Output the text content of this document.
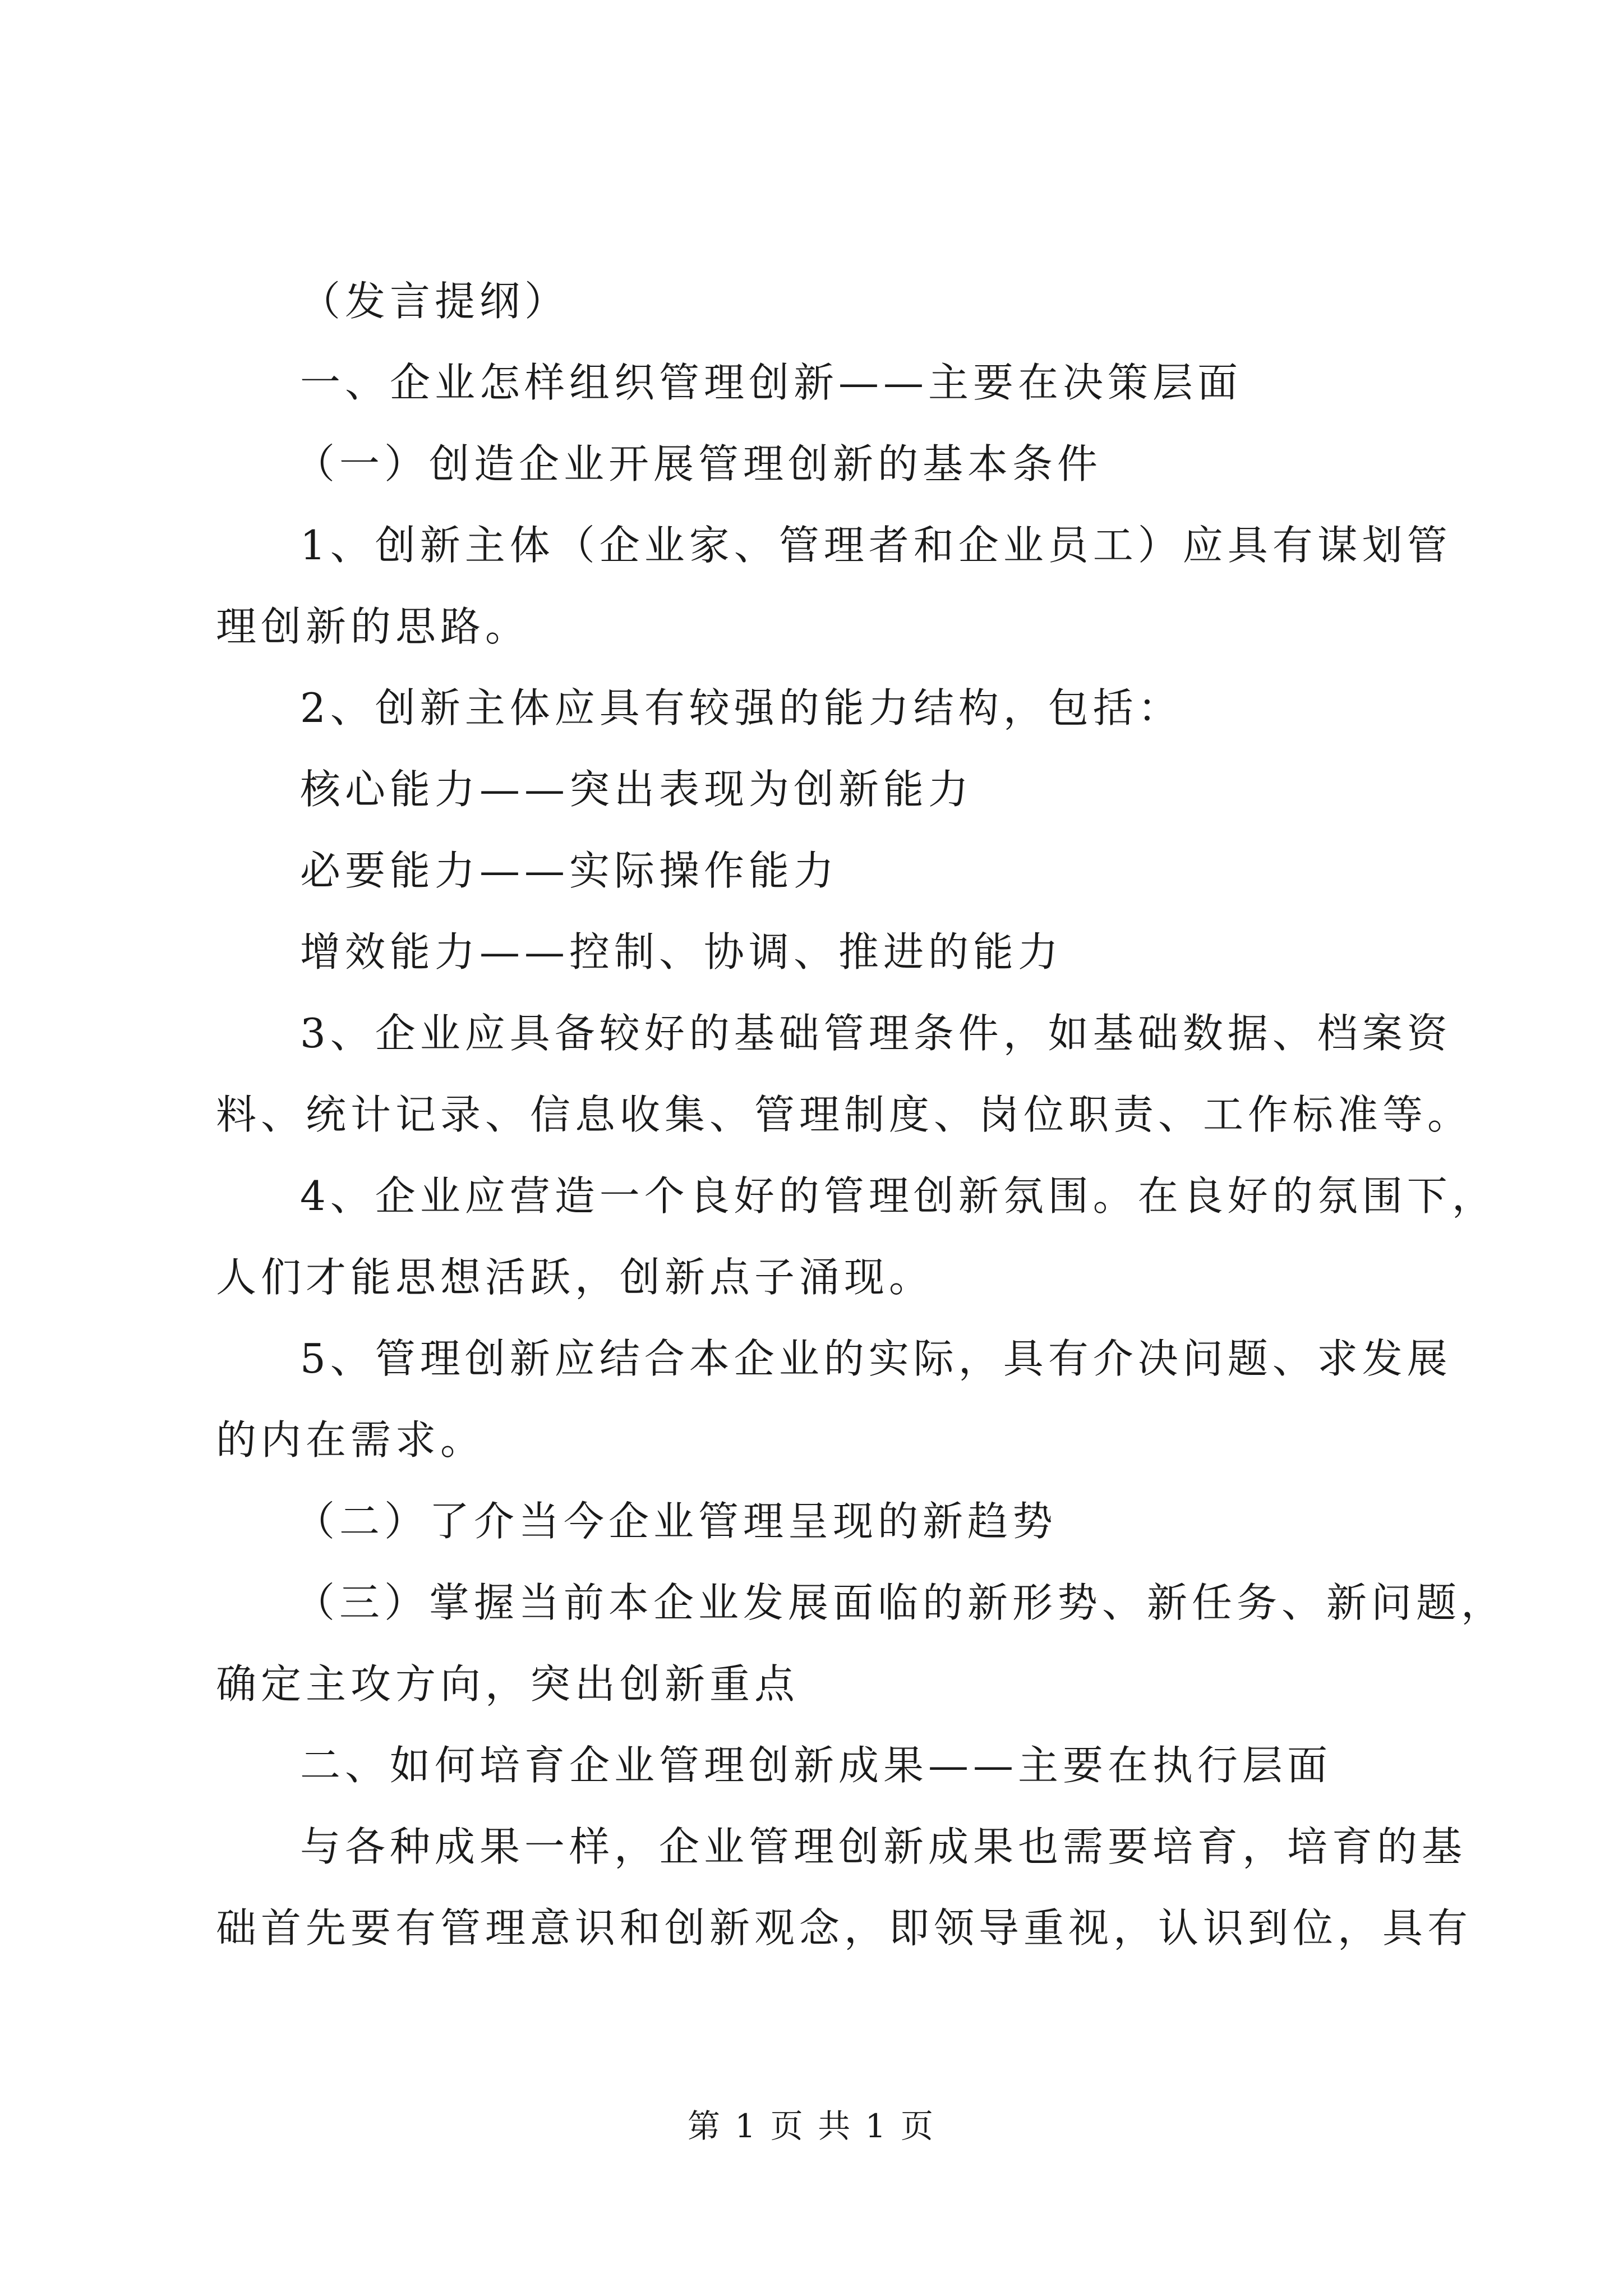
（发言提纲）
一、企业怎样组织管理创新——主要在决策层面
（一）创造企业开展管理创新的基本条件
1、创新主体（企业家、管理者和企业员工）应具有谋划管
理创新的思路。
2、创新主体应具有较强的能力结构，包括：
核心能力——突出表现为创新能力
必要能力——实际操作能力
增效能力——控制、协调、推进的能力
3、企业应具备较好的基础管理条件，如基础数据、档案资
料、统计记录、信息收集、管理制度、岗位职责、工作标准等。
4、企业应营造一个良好的管理创新氛围。在良好的氛围下，
人们才能思想活跃，创新点子涌现。
5、管理创新应结合本企业的实际，具有介决问题、求发展
的内在需求。
（二）了介当今企业管理呈现的新趋势
（三）掌握当前本企业发展面临的新形势、新任务、新问题，
确定主攻方向，突出创新重点
二、如何培育企业管理创新成果——主要在执行层面
与各种成果一样，企业管理创新成果也需要培育，培育的基
础首先要有管理意识和创新观念，即领导重视，认识到位，具有
第 1 页 共 1 页
